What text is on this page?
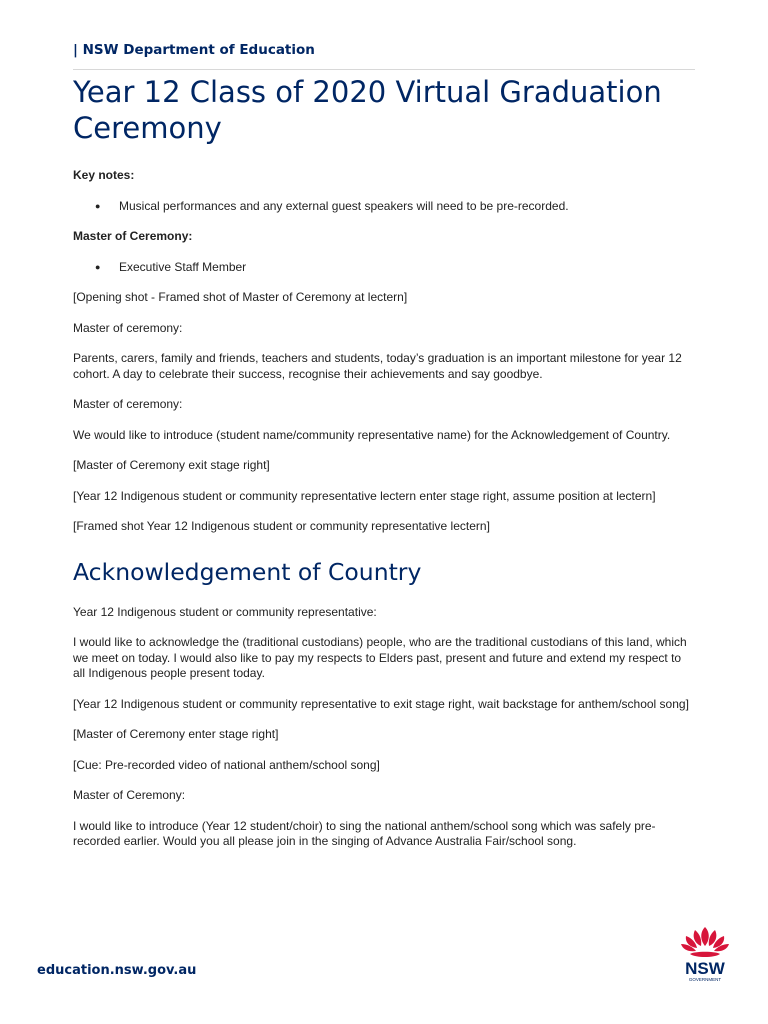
| NSW Department of Education
Year 12 Class of 2020 Virtual Graduation Ceremony

Key notes:

●	Musical performances and any external guest speakers will need to be pre-recorded.

Master of Ceremony:

●	Executive Staff Member

[Opening shot - Framed shot of Master of Ceremony at lectern]

Master of ceremony:

Parents, carers, family and friends, teachers and students, today’s graduation is an important milestone for year 12 cohort. A day to celebrate their success, recognise their achievements and say goodbye.

Master of ceremony:

We would like to introduce (student name/community representative name) for the Acknowledgement of Country.

[Master of Ceremony exit stage right]

[Year 12 Indigenous student or community representative lectern enter stage right, assume position at lectern]

[Framed shot Year 12 Indigenous student or community representative lectern]

Acknowledgement of Country

Year 12 Indigenous student or community representative:

I would like to acknowledge the (traditional custodians) people, who are the traditional custodians of this land, which we meet on today. I would also like to pay my respects to Elders past, present and future and extend my respect to all Indigenous people present today.

[Year 12 Indigenous student or community representative to exit stage right, wait backstage for anthem/school song]

[Master of Ceremony enter stage right]

[Cue: Pre-recorded video of national anthem/school song]

Master of Ceremony:

I would like to introduce (Year 12 student/choir) to sing the national anthem/school song which was safely pre-recorded earlier. Would you all please join in the singing of Advance Australia Fair/school song.

education.nsw.gov.au	NSW
GOVERNMENT
